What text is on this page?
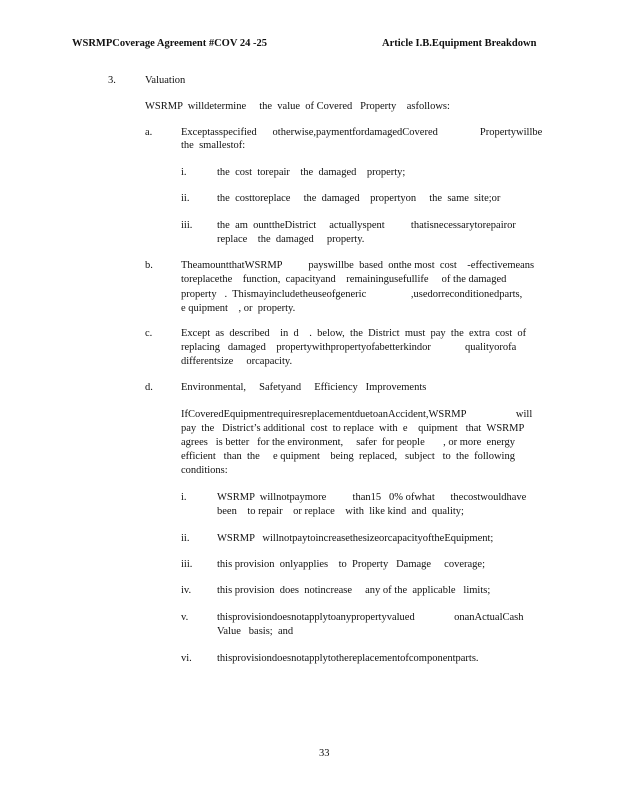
WSRMPCoverage Agreement #COV 24 -25	Article I.B.Equipment Breakdown
3.	Valuation
WSRMP  willdetermine     the  value  of Covered   Property    asfollows:
a.	Exceptasspecified      otherwise,paymentfordamagedCovered                Propertywillbe
the  smallestof:
i.	the  cost  torepair    the  damaged    property;
ii.	the  costtoreplace     the  damaged    propertyon     the  same  site;or
iii. the  am  ounttheDistrict     actuallyspent          thatisnecessarytorepairor
replace    the  damaged     property.
b.	TheamountthatWSRMP          payswillbe  based  onthe most  cost    -effectivemeans
toreplacethe    function,  capacityand    remainingusefullife     of the damaged
property   .  Thismayincludetheuseofgeneric                 ,usedorreconditionedparts,
e quipment    , or  property.
c.	Except  as  described    in  d    .  below,  the  District  must  pay  the  extra  cost  of
replacing   damaged    propertywithpropertyofabetterkindor             qualityorofa
differentsize     orcapacity.
d.	Environmental,     Safetyand     Efficiency   Improvements
IfCoveredEquipmentrequiresreplacementduetoanAccident,WSRMP                   will
pay  the   District’s additional  cost  to replace  with  e    quipment   that  WSRMP
agrees   is better   for the environment,     safer  for people       , or more  energy
efficient   than  the     e quipment    being  replaced,   subject   to  the  following
conditions:
i.	WSRMP  willnotpaymore          than15   0% ofwhat      thecostwouldhave
been    to repair    or replace    with  like kind  and  quality;
ii.	WSRMP   willnotpaytoincreasethesizeorcapacityoftheEquipment;
iii. this provision  onlyapplies    to  Property   Damage     coverage;
iv. this provision  does  notincrease     any of the  applicable   limits;
v.	thisprovisiondoesnotapplytoanypropertyvalued               onanActualCash
Value   basis;  and
vi. thisprovisiondoesnotapplytothereplacementofcomponentparts.
33
